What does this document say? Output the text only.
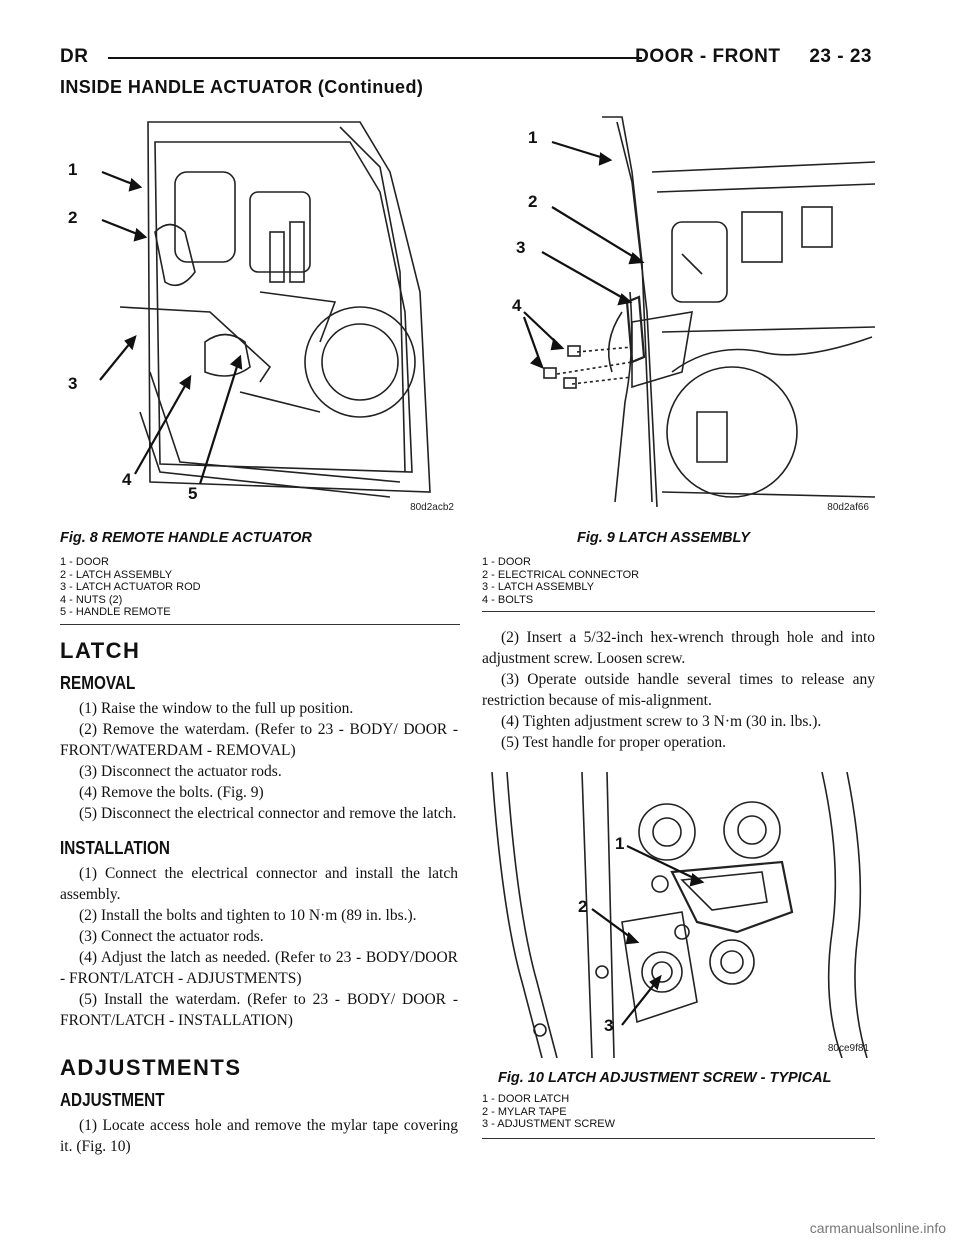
DR	DOOR - FRONT     23 - 23
INSIDE HANDLE ACTUATOR (Continued)
1
2
3
4
5
80d2acb2
Fig. 8 REMOTE HANDLE ACTUATOR
1 - DOOR
2 - LATCH ASSEMBLY
3 - LATCH ACTUATOR ROD
4 - NUTS (2)
5 - HANDLE REMOTE
1
2
3
4
80d2af66
Fig. 9 LATCH ASSEMBLY
1 - DOOR
2 - ELECTRICAL CONNECTOR
3 - LATCH ASSEMBLY
4 - BOLTS
LATCH
REMOVAL

(1) Raise the window to the full up position.

(2) Remove the waterdam. (Refer to 23 - BODY/ DOOR - FRONT/WATERDAM - REMOVAL)

(3) Disconnect the actuator rods.

(4) Remove the bolts. (Fig. 9)

(5) Disconnect the electrical connector and remove the latch.

INSTALLATION

(1) Connect the electrical connector and install the latch assembly.

(2) Install the bolts and tighten to 10 N·m (89 in. lbs.).

(3) Connect the actuator rods.

(4) Adjust the latch as needed. (Refer to 23 - BODY/DOOR - FRONT/LATCH - ADJUSTMENTS)

(5) Install the waterdam. (Refer to 23 - BODY/ DOOR - FRONT/LATCH - INSTALLATION)

ADJUSTMENTS
ADJUSTMENT

(1) Locate access hole and remove the mylar tape covering it. (Fig. 10)

(2) Insert a 5/32-inch hex-wrench through hole and into adjustment screw. Loosen screw.

(3) Operate outside handle several times to release any restriction because of mis-alignment.

(4) Tighten adjustment screw to 3 N·m (30 in. lbs.).

(5) Test handle for proper operation.

1
2
3
80ce9f81
Fig. 10 LATCH ADJUSTMENT SCREW - TYPICAL
1 - DOOR LATCH
2 - MYLAR TAPE
3 - ADJUSTMENT SCREW
carmanualsonline.info
